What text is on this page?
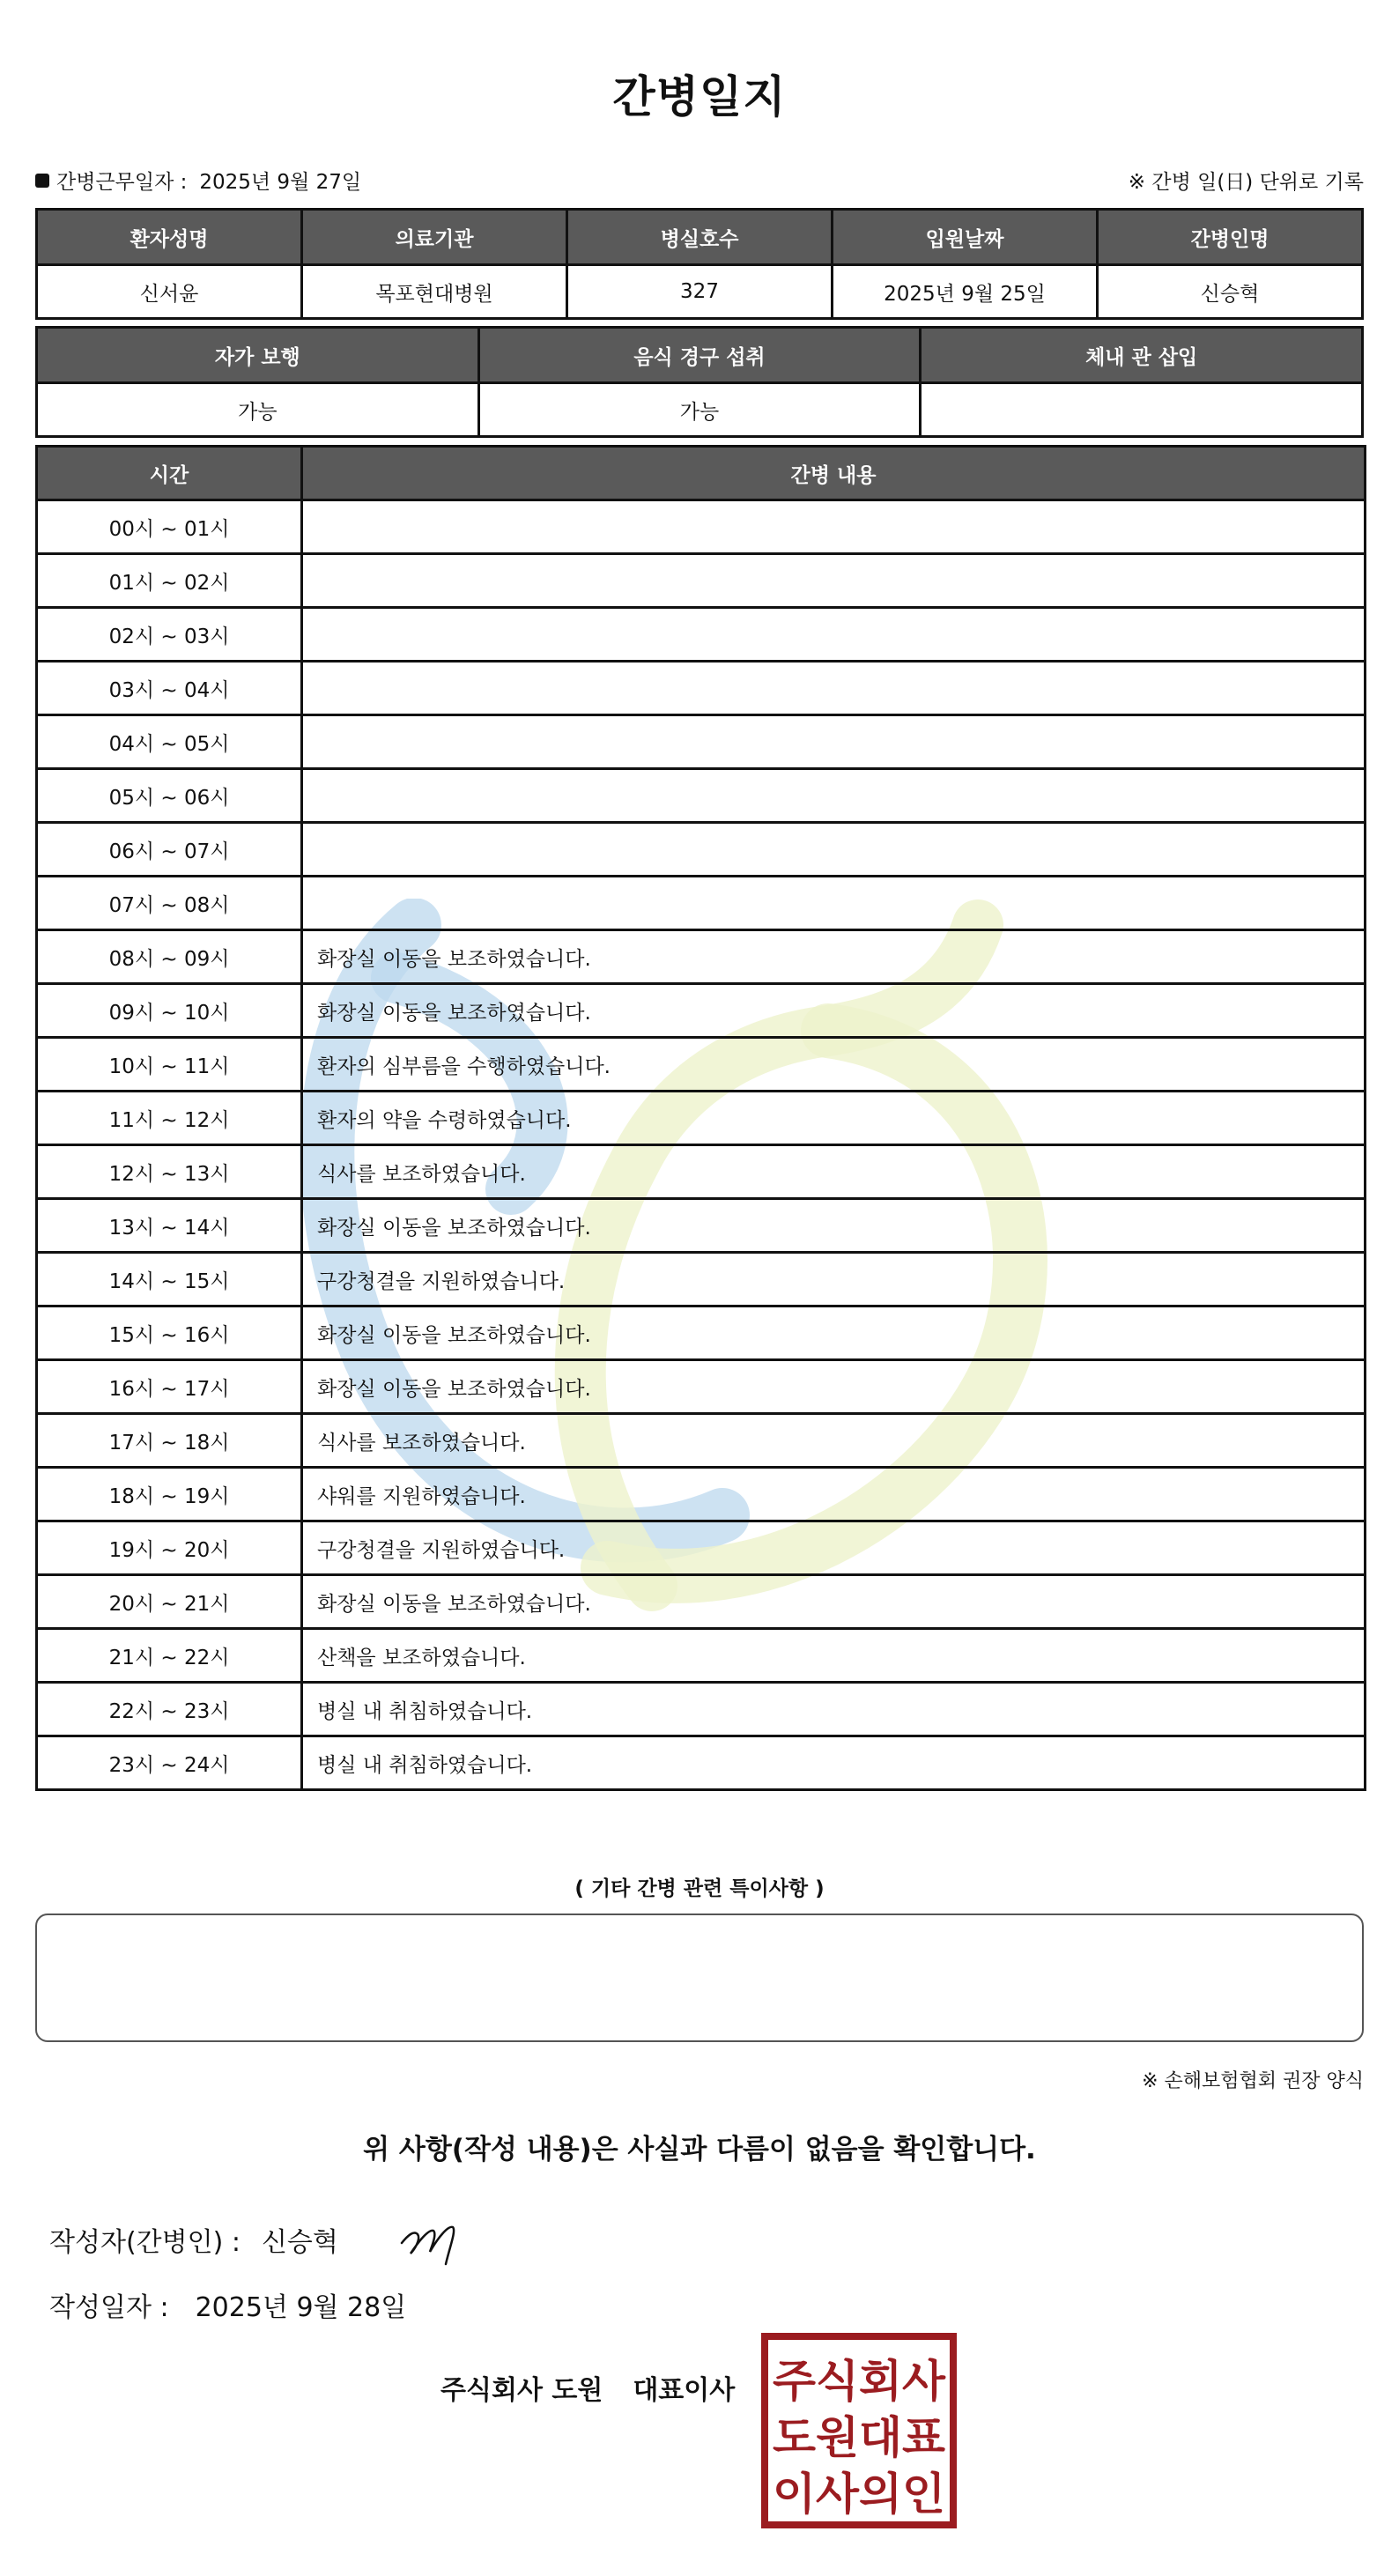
간병일지
간병근무일자 : 2025년 9월 27일	※ 간병 일(日) 단위로 기록
환자성명	의료기관	병실호수	입원날짜	간병인명
신서윤	목포현대병원	327	2025년 9월 25일	신승혁
자가 보행	음식 경구 섭취	체내 관 삽입
가능	가능	
시간	간병 내용
00시 ~ 01시	
01시 ~ 02시	
02시 ~ 03시	
03시 ~ 04시	
04시 ~ 05시	
05시 ~ 06시	
06시 ~ 07시	
07시 ~ 08시	
08시 ~ 09시	화장실 이동을 보조하였습니다.
09시 ~ 10시	화장실 이동을 보조하였습니다.
10시 ~ 11시	환자의 심부름을 수행하였습니다.
11시 ~ 12시	환자의 약을 수령하였습니다.
12시 ~ 13시	식사를 보조하였습니다.
13시 ~ 14시	화장실 이동을 보조하였습니다.
14시 ~ 15시	구강청결을 지원하였습니다.
15시 ~ 16시	화장실 이동을 보조하였습니다.
16시 ~ 17시	화장실 이동을 보조하였습니다.
17시 ~ 18시	식사를 보조하였습니다.
18시 ~ 19시	샤워를 지원하였습니다.
19시 ~ 20시	구강청결을 지원하였습니다.
20시 ~ 21시	화장실 이동을 보조하였습니다.
21시 ~ 22시	산책을 보조하였습니다.
22시 ~ 23시	병실 내 취침하였습니다.
23시 ~ 24시	병실 내 취침하였습니다.
( 기타 간병 관련 특이사항 )
※ 손해보험협회 권장 양식
위 사항(작성 내용)은 사실과 다름이 없음을 확인합니다.
작성자(간병인) : 신승혁
작성일자 : 2025년 9월 28일
주식회사 도원 대표이사 주식회사
도원대표
이사의인
